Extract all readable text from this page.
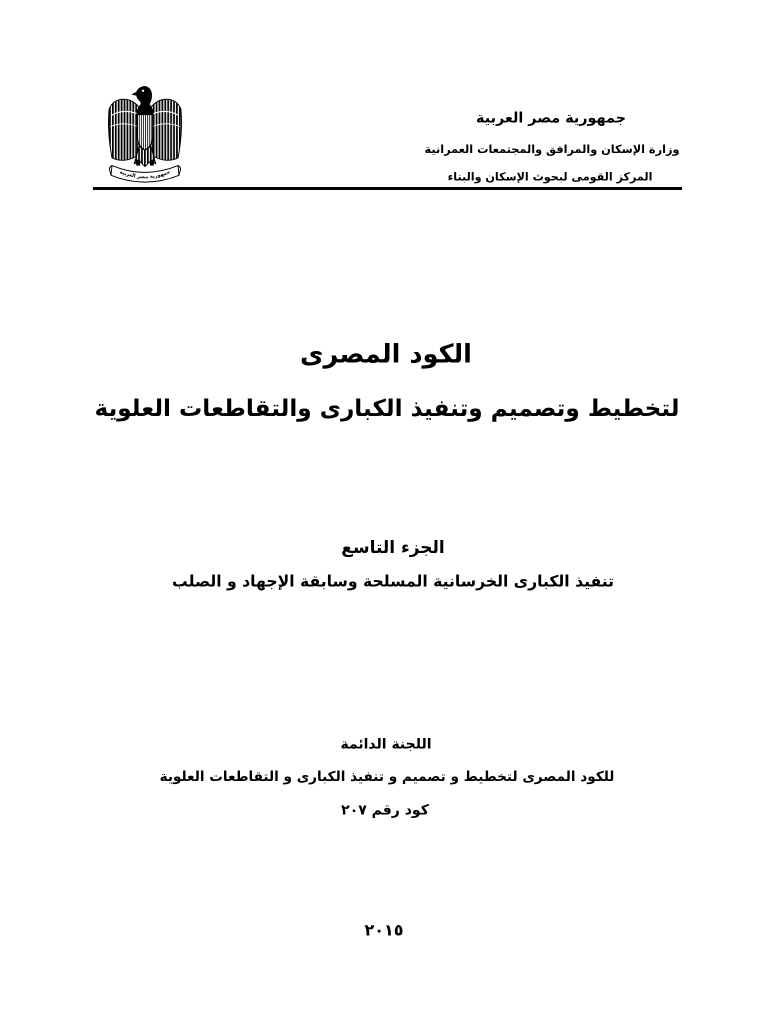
جمهورية مصر العربية
جمهورية مصر العربية
وزارة الإسكان والمرافق والمجتمعات العمرانية
المركز القومى لبحوث الإسكان والبناء
الكود المصرى
لتخطيط وتصميم وتنفيذ الكبارى والتقاطعات العلوية
الجزء التاسع
تنفيذ الكبارى الخرسانية المسلحة وسابقة الإجهاد و الصلب
اللجنة الدائمة
للكود المصرى لتخطيط و تصميم و تنفيذ الكبارى و التقاطعات العلوية
كود رقم ٢٠٧
٢٠١٥
